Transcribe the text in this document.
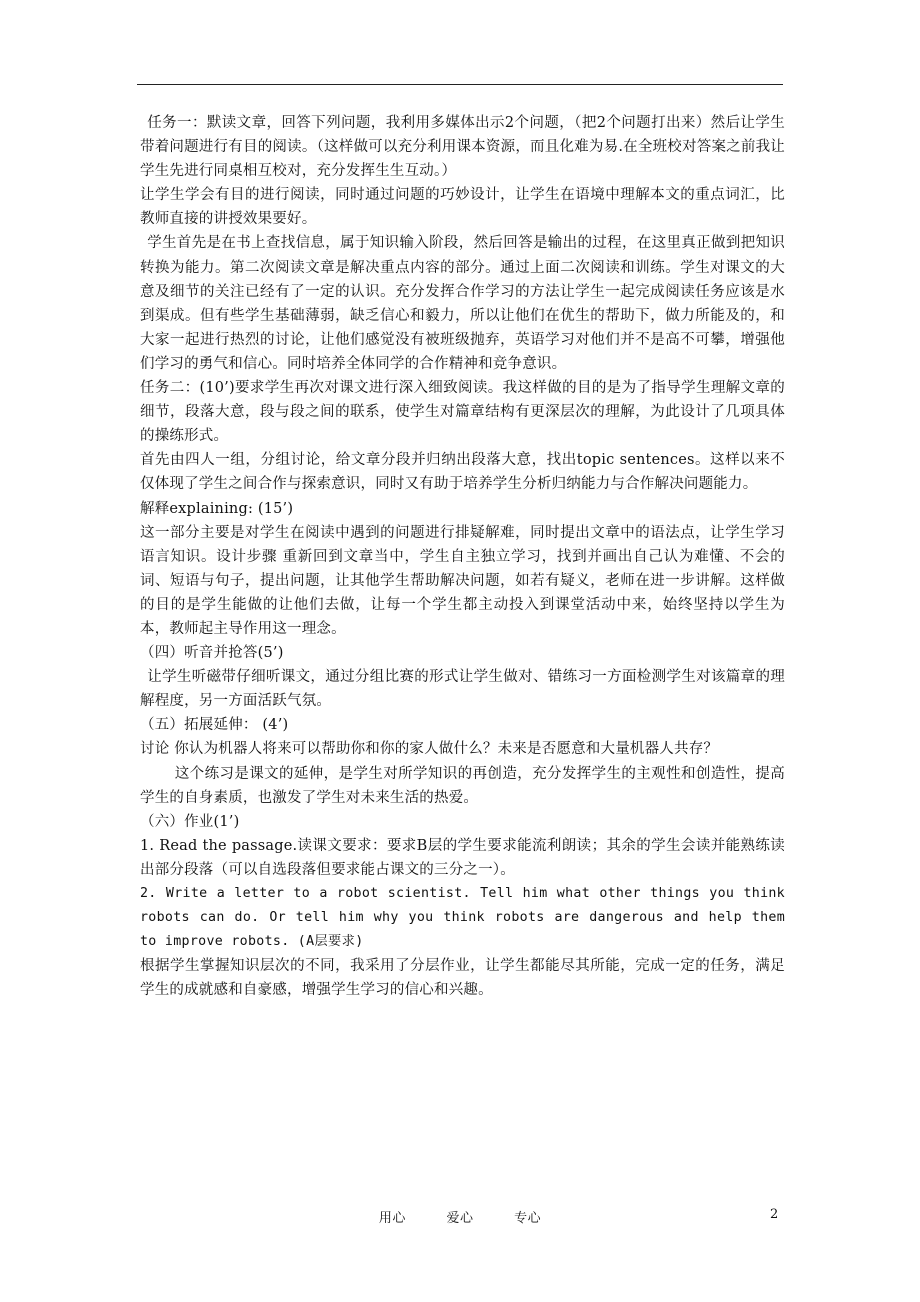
任务一：默读文章，回答下列问题，我利用多媒体出示2个问题，（把2个问题打出来）然后让学生带着问题进行有目的阅读。（这样做可以充分利用课本资源，而且化难为易.在全班校对答案之前我让学生先进行同桌相互校对，充分发挥生生互动。）

让学生学会有目的进行阅读，同时通过问题的巧妙设计，让学生在语境中理解本文的重点词汇，比教师直接的讲授效果要好。

学生首先是在书上查找信息，属于知识输入阶段，然后回答是输出的过程，在这里真正做到把知识转换为能力。第二次阅读文章是解决重点内容的部分。通过上面二次阅读和训练。学生对课文的大意及细节的关注已经有了一定的认识。充分发挥合作学习的方法让学生一起完成阅读任务应该是水到渠成。但有些学生基础薄弱，缺乏信心和毅力，所以让他们在优生的帮助下，做力所能及的，和大家一起进行热烈的讨论，让他们感觉没有被班级抛弃，英语学习对他们并不是高不可攀，增强他们学习的勇气和信心。同时培养全体同学的合作精神和竞争意识。

任务二：(10’)要求学生再次对课文进行深入细致阅读。我这样做的目的是为了指导学生理解文章的细节，段落大意，段与段之间的联系，使学生对篇章结构有更深层次的理解，为此设计了几项具体的操练形式。

首先由四人一组，分组讨论，给文章分段并归纳出段落大意，找出topic sentences。这样以来不仅体现了学生之间合作与探索意识，同时又有助于培养学生分析归纳能力与合作解决问题能力。

解释explaining: (15’)

这一部分主要是对学生在阅读中遇到的问题进行排疑解难，同时提出文章中的语法点，让学生学习语言知识。设计步骤 重新回到文章当中，学生自主独立学习，找到并画出自己认为难懂、不会的词、短语与句子，提出问题，让其他学生帮助解决问题，如若有疑义，老师在进一步讲解。这样做的目的是学生能做的让他们去做，让每一个学生都主动投入到课堂活动中来，始终坚持以学生为本，教师起主导作用这一理念。

（四）听音并抢答(5’)

让学生听磁带仔细听课文，通过分组比赛的形式让学生做对、错练习一方面检测学生对该篇章的理解程度，另一方面活跃气氛。

（五）拓展延伸： (4’)

讨论 你认为机器人将来可以帮助你和你的家人做什么？未来是否愿意和大量机器人共存？

这个练习是课文的延伸，是学生对所学知识的再创造，充分发挥学生的主观性和创造性，提高学生的自身素质，也激发了学生对未来生活的热爱。

（六）作业(1’)

1. Read the passage.读课文要求：要求B层的学生要求能流利朗读；其余的学生会读并能熟练读出部分段落（可以自选段落但要求能占课文的三分之一）。

2. Write a letter to a robot scientist. Tell him what other things you think robots can do. Or tell him why you think robots are dangerous and help them to improve robots. (A层要求)

根据学生掌握知识层次的不同，我采用了分层作业，让学生都能尽其所能，完成一定的任务，满足学生的成就感和自豪感，增强学生学习的信心和兴趣。

用心	爱心	专心	2
